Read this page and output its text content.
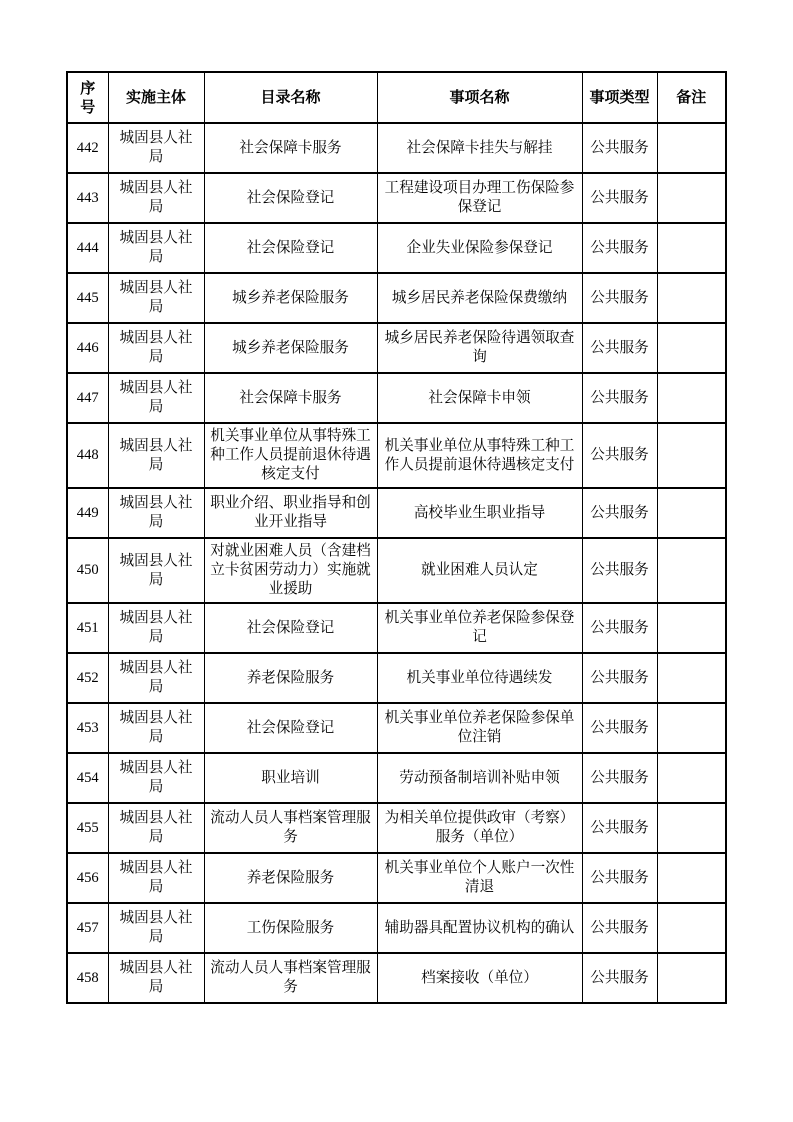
序号	实施主体	目录名称	事项名称	事项类型	备注
442	城固县人社局	社会保障卡服务	社会保障卡挂失与解挂	公共服务	
443	城固县人社局	社会保险登记	工程建设项目办理工伤保险参保登记	公共服务	
444	城固县人社局	社会保险登记	企业失业保险参保登记	公共服务	
445	城固县人社局	城乡养老保险服务	城乡居民养老保险保费缴纳	公共服务	
446	城固县人社局	城乡养老保险服务	城乡居民养老保险待遇领取查询	公共服务	
447	城固县人社局	社会保障卡服务	社会保障卡申领	公共服务	
448	城固县人社局	机关事业单位从事特殊工种工作人员提前退休待遇核定支付	机关事业单位从事特殊工种工作人员提前退休待遇核定支付	公共服务	
449	城固县人社局	职业介绍、职业指导和创业开业指导	高校毕业生职业指导	公共服务	
450	城固县人社局	对就业困难人员（含建档立卡贫困劳动力）实施就业援助	就业困难人员认定	公共服务	
451	城固县人社局	社会保险登记	机关事业单位养老保险参保登记	公共服务	
452	城固县人社局	养老保险服务	机关事业单位待遇续发	公共服务	
453	城固县人社局	社会保险登记	机关事业单位养老保险参保单位注销	公共服务	
454	城固县人社局	职业培训	劳动预备制培训补贴申领	公共服务	
455	城固县人社局	流动人员人事档案管理服务	为相关单位提供政审（考察）服务（单位）	公共服务	
456	城固县人社局	养老保险服务	机关事业单位个人账户一次性清退	公共服务	
457	城固县人社局	工伤保险服务	辅助器具配置协议机构的确认	公共服务	
458	城固县人社局	流动人员人事档案管理服务	档案接收（单位）	公共服务	
